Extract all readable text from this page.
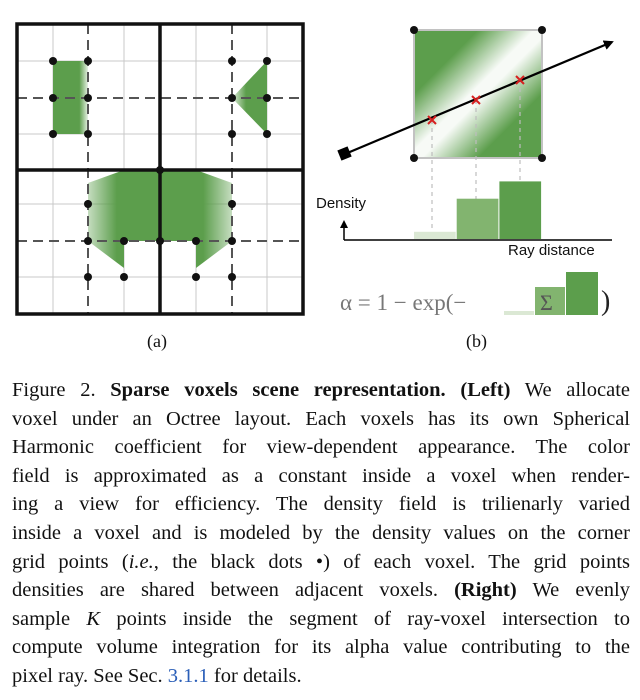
Density
Ray distance
α = 1 − exp(−	Σ )
(a)	(b)
Figure 2. Sparse voxels scene representation. (Left) We allocate
voxel under an Octree layout. Each voxels has its own Spherical
Harmonic coefficient for view-dependent appearance. The color
field is approximated as a constant inside a voxel when render-
ing a view for efficiency. The density field is trilienarly varied
inside a voxel and is modeled by the density values on the corner
grid points (i.e., the black dots •) of each voxel. The grid points
densities are shared between adjacent voxels. (Right) We evenly
sample K points inside the segment of ray-voxel intersection to
compute volume integration for its alpha value contributing to the
pixel ray. See Sec. 3.1.1 for details.
